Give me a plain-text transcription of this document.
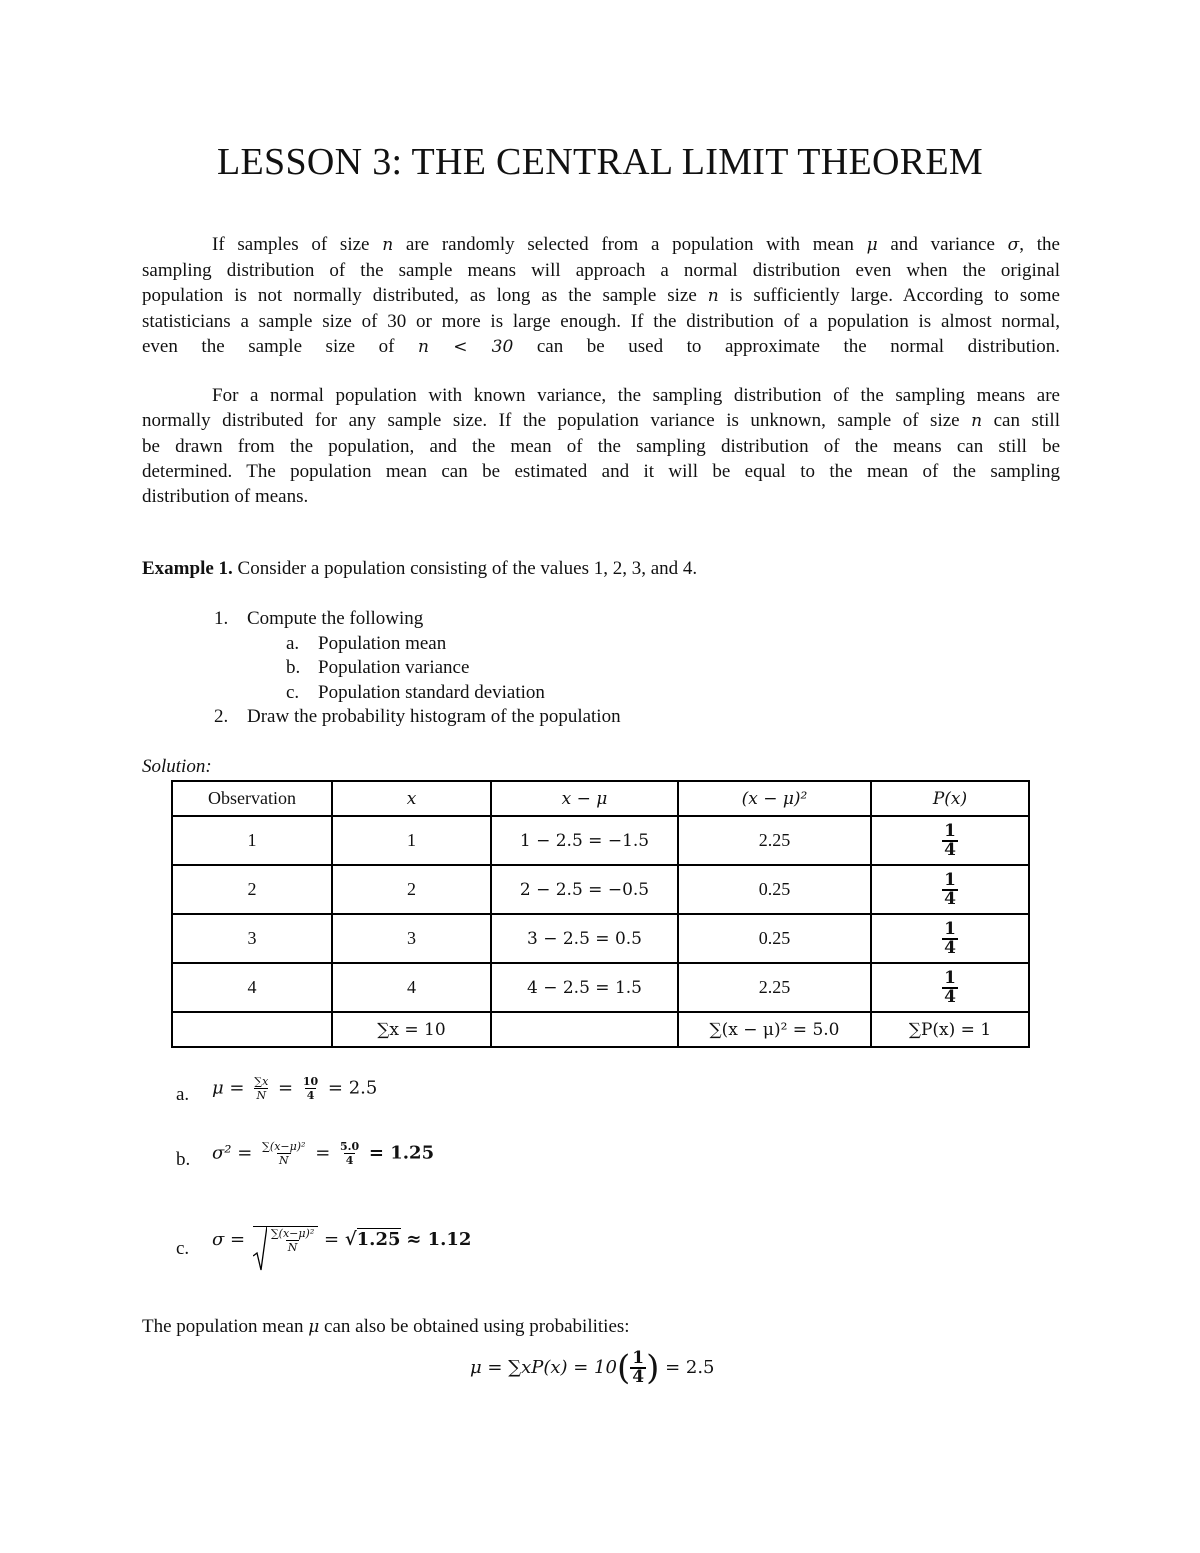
LESSON 3: THE CENTRAL LIMIT THEOREM
If samples of size n are randomly selected from a population with mean μ and variance σ, the
sampling distribution of the sample means will approach a normal distribution even when the original
population is not normally distributed, as long as the sample size n is sufficiently large. According to some
statisticians a sample size of 30 or more is large enough. If the distribution of a population is almost normal,
even the sample size of n < 30 can be used to approximate the normal distribution.
For a normal population with known variance, the sampling distribution of the sampling means are
normally distributed for any sample size. If the population variance is unknown, sample of size n can still
be drawn from the population, and the mean of the sampling distribution of the means can still be
determined. The population mean can be estimated and it will be equal to the mean of the sampling
distribution of means.
Example 1. Consider a population consisting of the values 1, 2, 3, and 4.
1. Compute the following
a. Population mean
b. Population variance
c. Population standard deviation
2. Draw the probability histogram of the population
Solution:
Observation	x	x − μ	(x − μ)²	P(x)
1	1	1 − 2.5 = −1.5	2.25	$\frac{1}{4}$

2	2	2 − 2.5 = −0.5	0.25	$\frac{1}{4}$

3	3	3 − 2.5 = 0.5	0.25	$\frac{1}{4}$

4	4	4 − 2.5 = 1.5	2.25	$\frac{1}{4}$

	∑x = 10		∑(x − μ)² = 5.0	∑P(x) = 1
a. $\mu = \frac{\sum x}{N} = \frac{10}{4} = 2.5$
b. $\sigma^2 = \frac{\text{∑(x−μ)²}}{N} = \frac{5.0}{4} = 1.25$
c. $\sigma = \frac{\text{∑(x−μ)²}}{N} = √1.25 \approx 1.12$
The population mean μ can also be obtained using probabilities:
$\mu = \sum xP(x) = 10( \frac{1}{4}$ ) = 2.5
